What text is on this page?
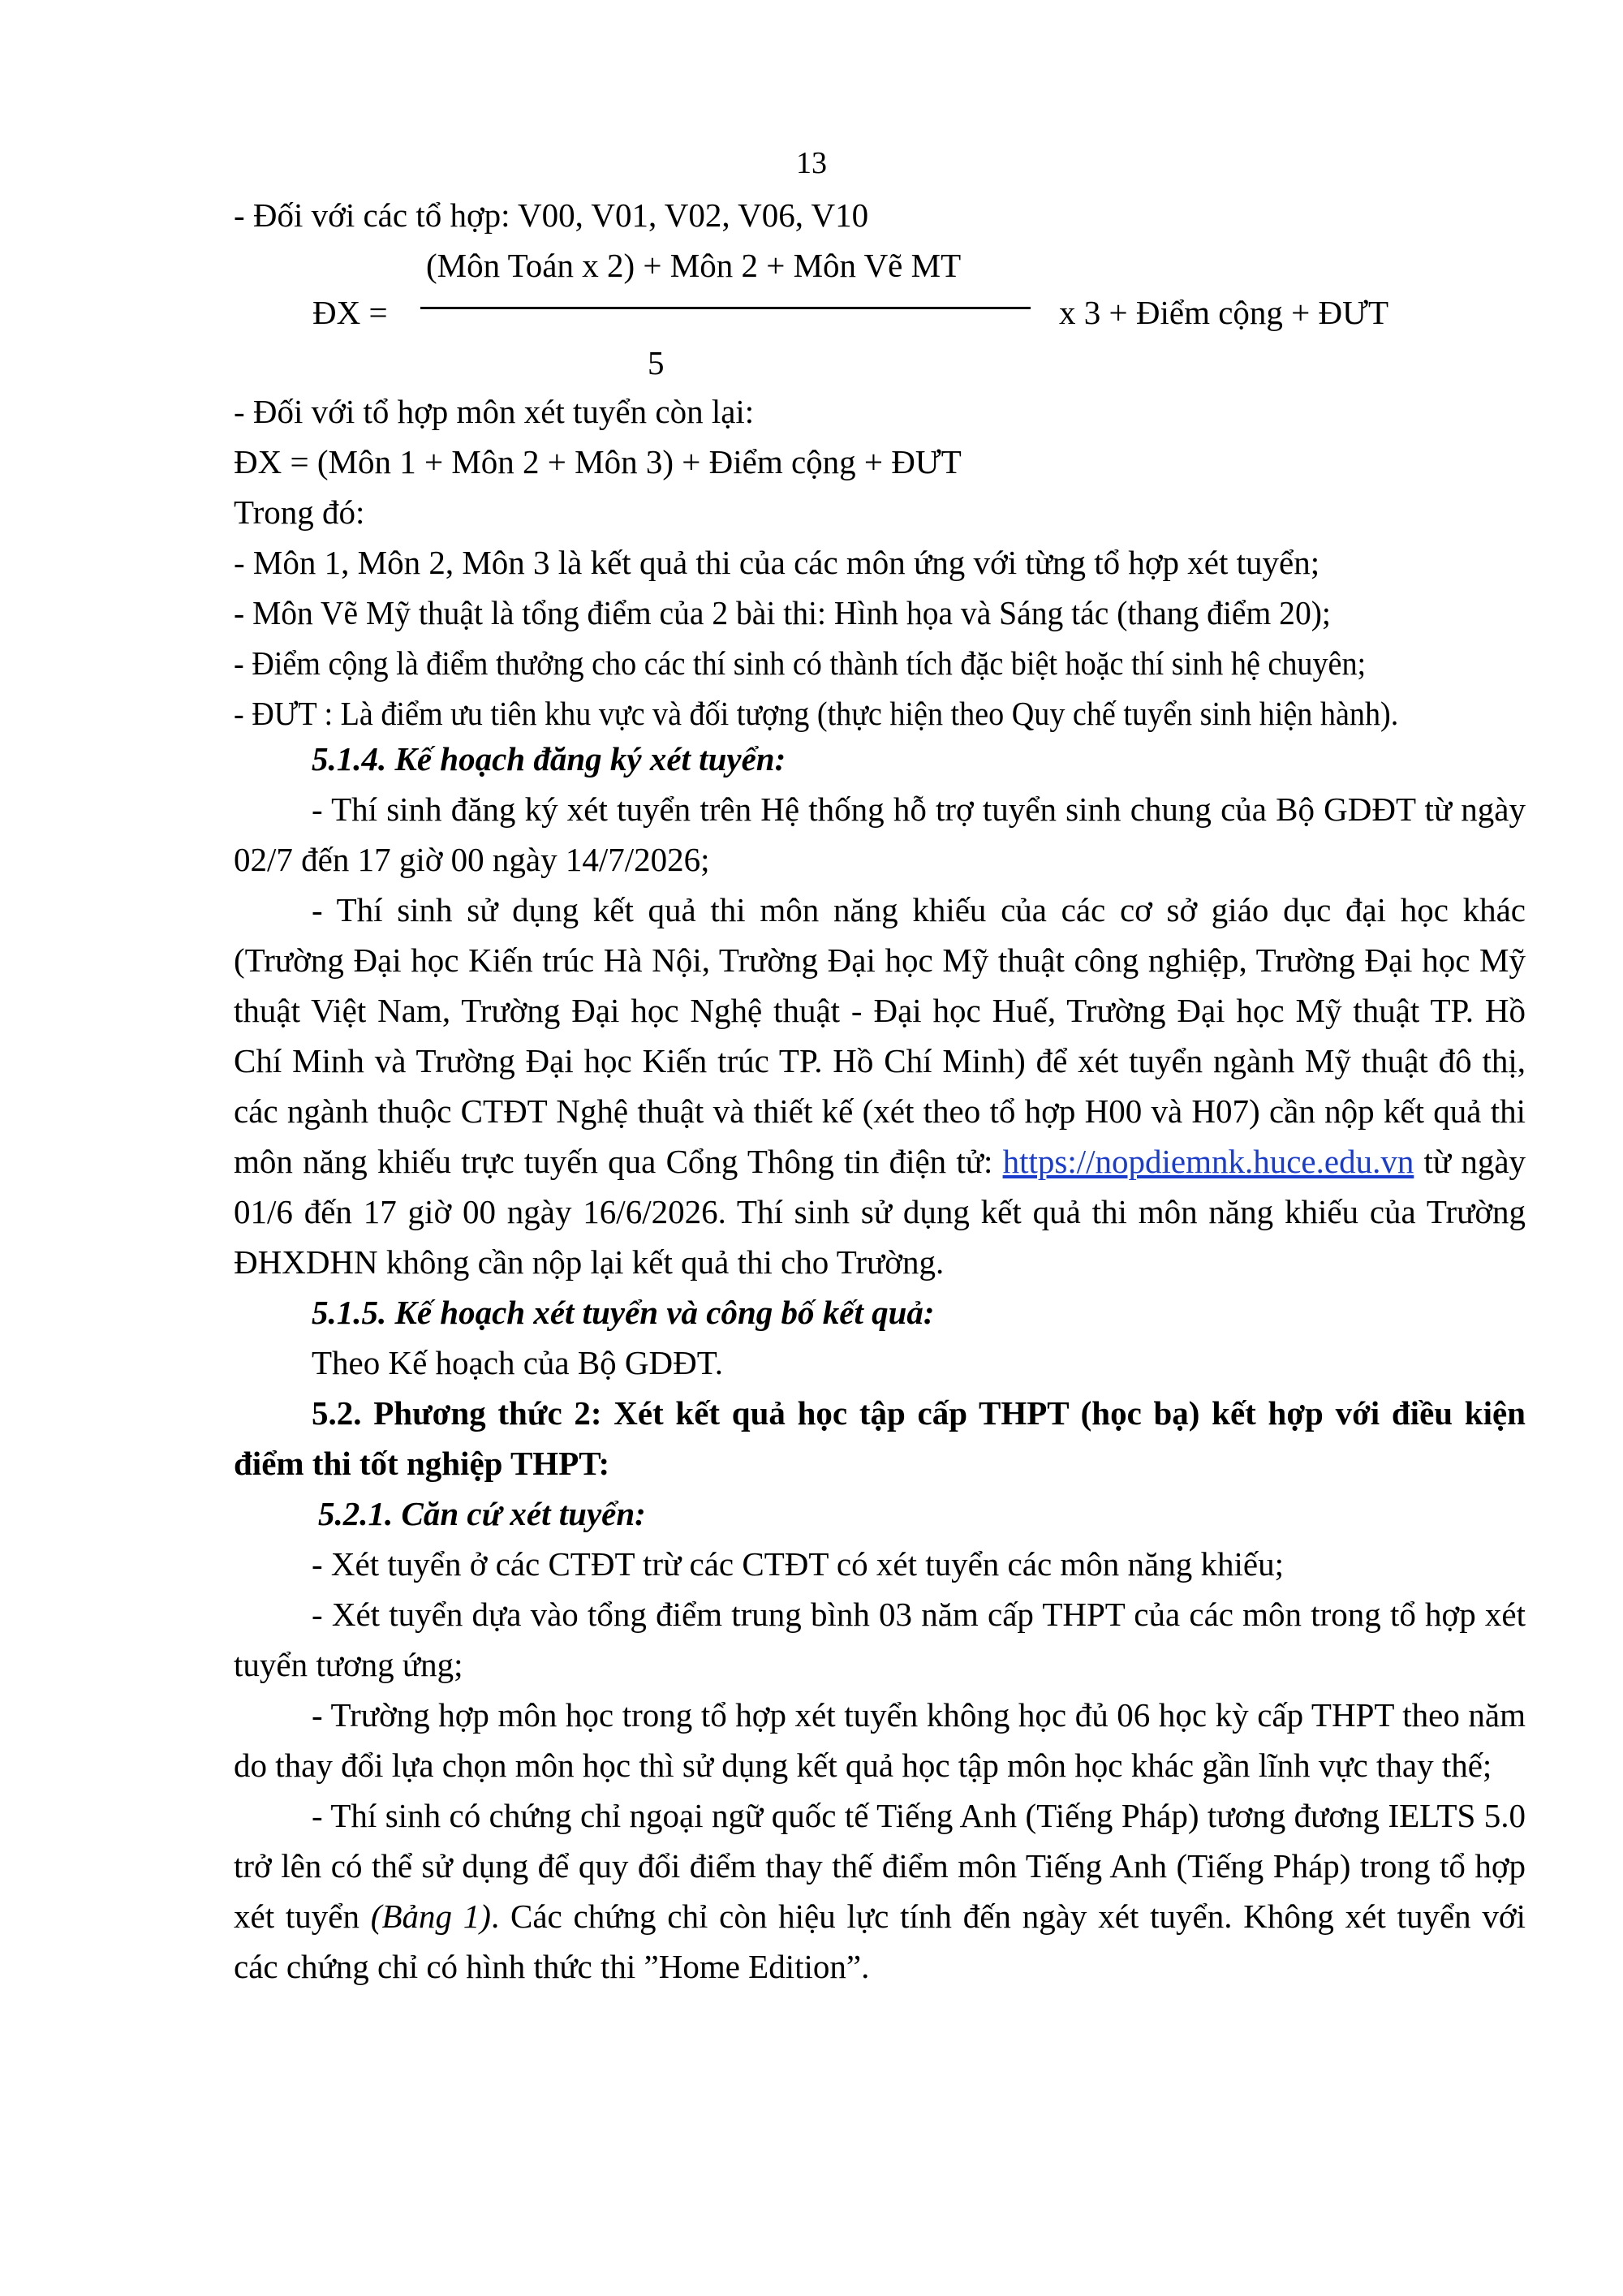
13
- Đối với các tổ hợp: V00, V01, V02, V06, V10
(Môn Toán x 2) + Môn 2 + Môn Vẽ MT
ĐX =	x 3 + Điểm cộng + ĐƯT
5
- Đối với tổ hợp môn xét tuyển còn lại:
ĐX = (Môn 1 + Môn 2 + Môn 3) + Điểm cộng + ĐƯT
Trong đó:
- Môn 1, Môn 2, Môn 3 là kết quả thi của các môn ứng với từng tổ hợp xét tuyển;
- Môn Vẽ Mỹ thuật là tổng điểm của 2 bài thi: Hình họa và Sáng tác (thang điểm 20);
- Điểm cộng là điểm thưởng cho các thí sinh có thành tích đặc biệt hoặc thí sinh hệ chuyên;
- ĐƯT : Là điểm ưu tiên khu vực và đối tượng (thực hiện theo Quy chế tuyển sinh hiện hành).
5.1.4. Kế hoạch đăng ký xét tuyển:
- Thí sinh đăng ký xét tuyển trên Hệ thống hỗ trợ tuyển sinh chung của Bộ GDĐT từ ngày 02/7 đến 17 giờ 00 ngày 14/7/2026;
- Thí sinh sử dụng kết quả thi môn năng khiếu của các cơ sở giáo dục đại học khác (Trường Đại học Kiến trúc Hà Nội, Trường Đại học Mỹ thuật công nghiệp, Trường Đại học Mỹ thuật Việt Nam, Trường Đại học Nghệ thuật - Đại học Huế, Trường Đại học Mỹ thuật TP. Hồ Chí Minh và Trường Đại học Kiến trúc TP. Hồ Chí Minh) để xét tuyển ngành Mỹ thuật đô thị, các ngành thuộc CTĐT Nghệ thuật và thiết kế (xét theo tổ hợp H00 và H07) cần nộp kết quả thi môn năng khiếu trực tuyến qua Cổng Thông tin điện tử: https://nopdiemnk.huce.edu.vn từ ngày 01/6 đến 17 giờ 00 ngày 16/6/2026. Thí sinh sử dụng kết quả thi môn năng khiếu của Trường ĐHXDHN không cần nộp lại kết quả thi cho Trường.
5.1.5. Kế hoạch xét tuyển và công bố kết quả:
Theo Kế hoạch của Bộ GDĐT.
5.2. Phương thức 2: Xét kết quả học tập cấp THPT (học bạ) kết hợp với điều kiện điểm thi tốt nghiệp THPT:
5.2.1. Căn cứ xét tuyển:
- Xét tuyển ở các CTĐT trừ các CTĐT có xét tuyển các môn năng khiếu;
- Xét tuyển dựa vào tổng điểm trung bình 03 năm cấp THPT của các môn trong tổ hợp xét tuyển tương ứng;
- Trường hợp môn học trong tổ hợp xét tuyển không học đủ 06 học kỳ cấp THPT theo năm do thay đổi lựa chọn môn học thì sử dụng kết quả học tập môn học khác gần lĩnh vực thay thế;
- Thí sinh có chứng chỉ ngoại ngữ quốc tế Tiếng Anh (Tiếng Pháp) tương đương IELTS 5.0 trở lên có thể sử dụng để quy đổi điểm thay thế điểm môn Tiếng Anh (Tiếng Pháp) trong tổ hợp xét tuyển (Bảng 1). Các chứng chỉ còn hiệu lực tính đến ngày xét tuyển. Không xét tuyển với các chứng chỉ có hình thức thi ”Home Edition”.
